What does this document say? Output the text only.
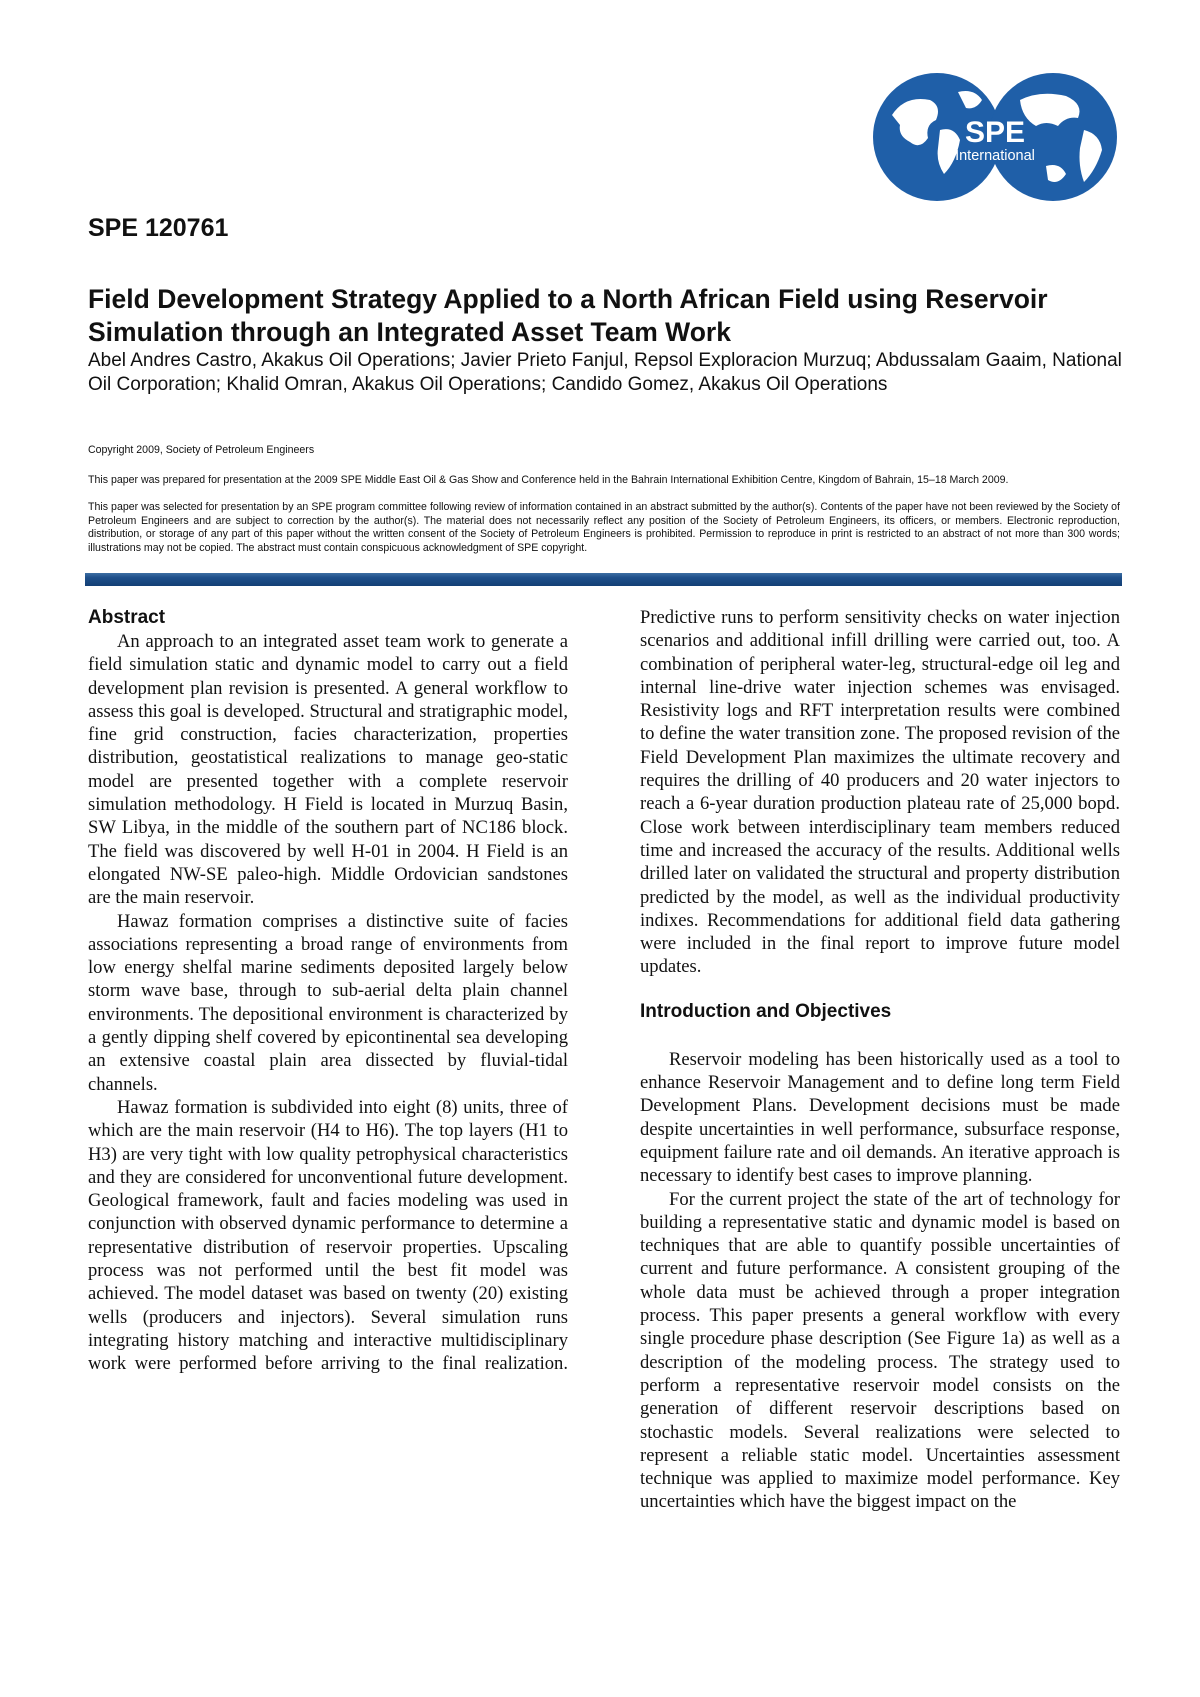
SPE
International
SPE 120761
Field Development Strategy Applied to a North African Field using Reservoir Simulation through an Integrated Asset Team Work

Abel Andres Castro, Akakus Oil Operations; Javier Prieto Fanjul, Repsol Exploracion Murzuq; Abdussalam Gaaim, National Oil Corporation; Khalid Omran, Akakus Oil Operations; Candido Gomez, Akakus Oil Operations

Copyright 2009, Society of Petroleum Engineers

This paper was prepared for presentation at the 2009 SPE Middle East Oil & Gas Show and Conference held in the Bahrain International Exhibition Centre, Kingdom of Bahrain, 15–18 March 2009.

This paper was selected for presentation by an SPE program committee following review of information contained in an abstract submitted by the author(s). Contents of the paper have not been reviewed by the Society of Petroleum Engineers and are subject to correction by the author(s). The material does not necessarily reflect any position of the Society of Petroleum Engineers, its officers, or members. Electronic reproduction, distribution, or storage of any part of this paper without the written consent of the Society of Petroleum Engineers is prohibited. Permission to reproduce in print is restricted to an abstract of not more than 300 words; illustrations may not be copied. The abstract must contain conspicuous acknowledgment of SPE copyright.

Abstract

An approach to an integrated asset team work to generate a field simulation static and dynamic model to carry out a field development plan revision is presented. A general workflow to assess this goal is developed. Structural and stratigraphic model, fine grid construction, facies characterization, properties distribution, geostatistical realizations to manage geo-static model are presented together with a complete reservoir simulation methodology. H Field is located in Murzuq Basin, SW Libya, in the middle of the southern part of NC186 block. The field was discovered by well H-01 in 2004. H Field is an elongated NW-SE paleo-high. Middle Ordovician sandstones are the main reservoir.

Hawaz formation comprises a distinctive suite of facies associations representing a broad range of environments from low energy shelfal marine sediments deposited largely below storm wave base, through to sub-aerial delta plain channel environments. The depositional environment is characterized by a gently dipping shelf covered by epicontinental sea developing an extensive coastal plain area dissected by fluvial-tidal channels.

Hawaz formation is subdivided into eight (8) units, three of which are the main reservoir (H4 to H6). The top layers (H1 to H3) are very tight with low quality petrophysical characteristics and they are considered for unconventional future development. Geological framework, fault and facies modeling was used in conjunction with observed dynamic performance to determine a representative distribution of reservoir properties. Upscaling process was not performed until the best fit model was achieved. The model dataset was based on twenty (20) existing wells (producers and injectors). Several simulation runs integrating history matching and interactive multidisciplinary work were performed before arriving to the final realization.

Predictive runs to perform sensitivity checks on water injection scenarios and additional infill drilling were carried out, too. A combination of peripheral water-leg, structural-edge oil leg and internal line-drive water injection schemes was envisaged. Resistivity logs and RFT interpretation results were combined to define the water transition zone. The proposed revision of the Field Development Plan maximizes the ultimate recovery and requires the drilling of 40 producers and 20 water injectors to reach a 6-year duration production plateau rate of 25,000 bopd. Close work between interdisciplinary team members reduced time and increased the accuracy of the results. Additional wells drilled later on validated the structural and property distribution predicted by the model, as well as the individual productivity indixes. Recommendations for additional field data gathering were included in the final report to improve future model updates.

Introduction and Objectives

Reservoir modeling has been historically used as a tool to enhance Reservoir Management and to define long term Field Development Plans. Development decisions must be made despite uncertainties in well performance, subsurface response, equipment failure rate and oil demands. An iterative approach is necessary to identify best cases to improve planning.

For the current project the state of the art of technology for building a representative static and dynamic model is based on techniques that are able to quantify possible uncertainties of current and future performance. A consistent grouping of the whole data must be achieved through a proper integration process. This paper presents a general workflow with every single procedure phase description (See Figure 1a) as well as a description of the modeling process. The strategy used to perform a representative reservoir model consists on the generation of different reservoir descriptions based on stochastic models. Several realizations were selected to represent a reliable static model. Uncertainties assessment technique was applied to maximize model performance. Key uncertainties which have the biggest impact on the
